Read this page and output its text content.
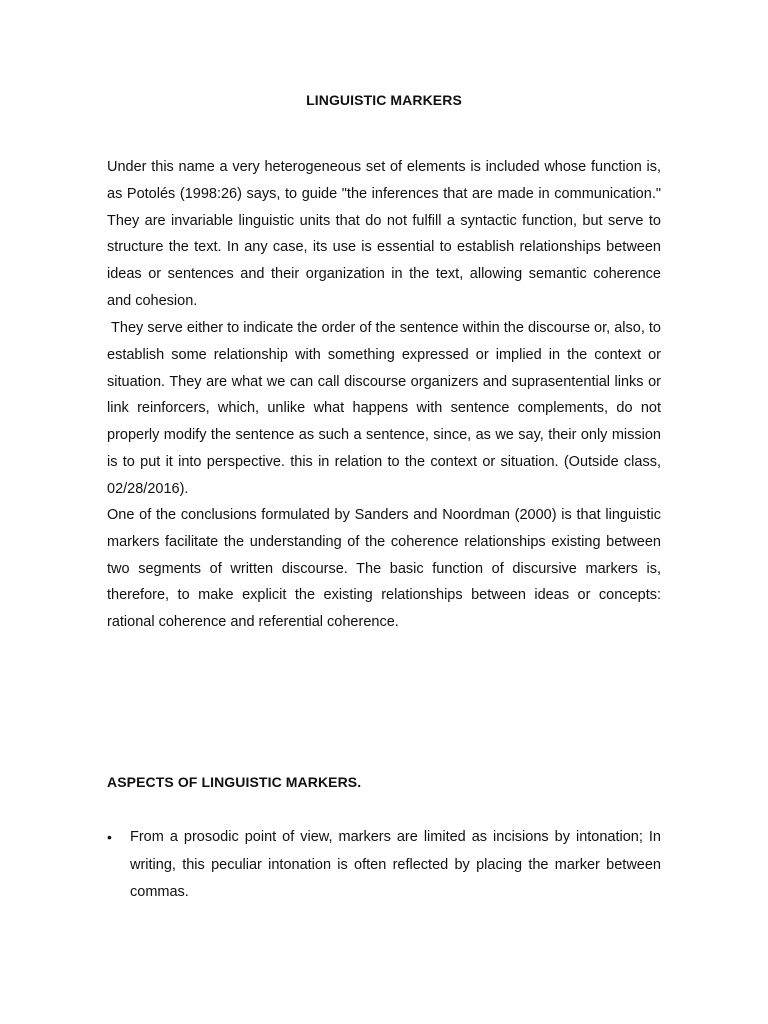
LINGUISTIC MARKERS

Under this name a very heterogeneous set of elements is included whose function is, as Potolés (1998:26) says, to guide "the inferences that are made in communication." They are invariable linguistic units that do not fulfill a syntactic function, but serve to structure the text. In any case, its use is essential to establish relationships between ideas or sentences and their organization in the text, allowing semantic coherence and cohesion.

They serve either to indicate the order of the sentence within the discourse or, also, to establish some relationship with something expressed or implied in the context or situation. They are what we can call discourse organizers and suprasentential links or link reinforcers, which, unlike what happens with sentence complements, do not properly modify the sentence as such a sentence, since, as we say, their only mission is to put it into perspective. this in relation to the context or situation. (Outside class, 02/28/2016).

One of the conclusions formulated by Sanders and Noordman (2000) is that linguistic markers facilitate the understanding of the coherence relationships existing between two segments of written discourse. The basic function of discursive markers is, therefore, to make explicit the existing relationships between ideas or concepts: rational coherence and referential coherence.

ASPECTS OF LINGUISTIC MARKERS.
• From a prosodic point of view, markers are limited as incisions by intonation; In writing, this peculiar intonation is often reflected by placing the marker between commas.
